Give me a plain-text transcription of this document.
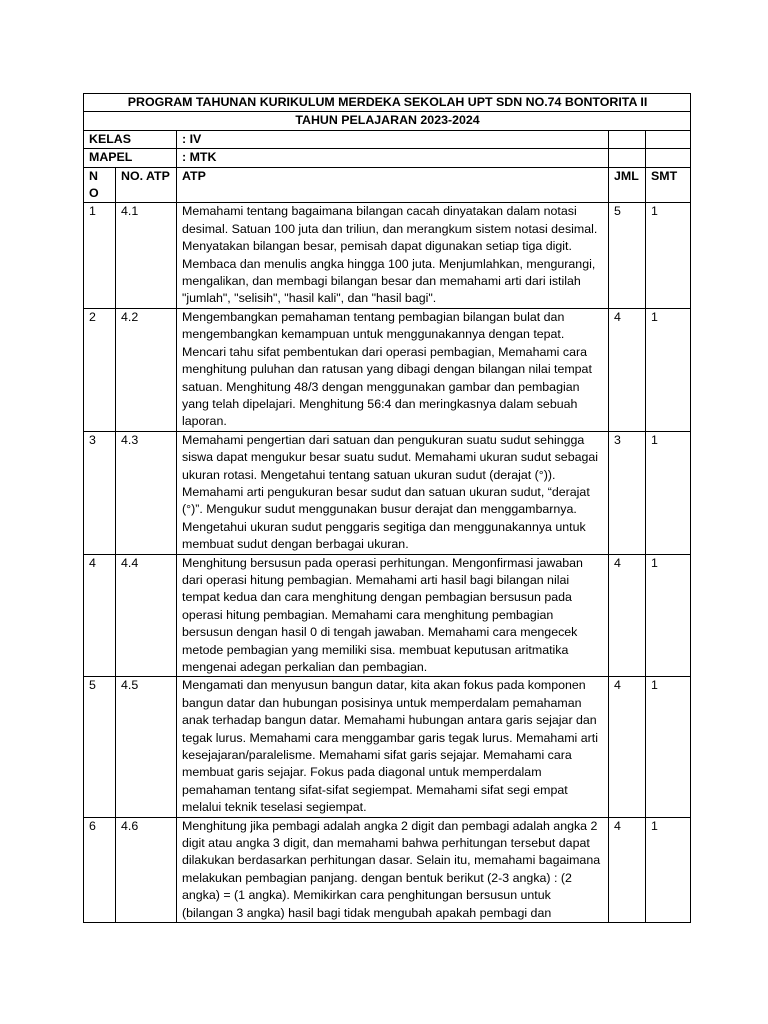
PROGRAM TAHUNAN KURIKULUM MERDEKA SEKOLAH UPT SDN NO.74 BONTORITA II				
TAHUN PELAJARAN 2023-2024				
KELAS		: IV		
MAPEL		: MTK		
N O	NO. ATP	ATP	JML	SMT
1	4.1	Memahami tentang bagaimana bilangan cacah dinyatakan dalam notasi desimal. Satuan 100 juta dan triliun, dan merangkum sistem notasi desimal. Menyatakan bilangan besar, pemisah dapat digunakan setiap tiga digit. Membaca dan menulis angka hingga 100 juta. Menjumlahkan, mengurangi, mengalikan, dan membagi bilangan besar dan memahami arti dari istilah "jumlah", "selisih", "hasil kali", dan "hasil bagi".	5	1
2	4.2	Mengembangkan pemahaman tentang pembagian bilangan bulat dan mengembangkan kemampuan untuk menggunakannya dengan tepat. Mencari tahu sifat pembentukan dari operasi pembagian, Memahami cara menghitung puluhan dan ratusan yang dibagi dengan bilangan nilai tempat satuan. Menghitung 48/3 dengan menggunakan gambar dan pembagian yang telah dipelajari. Menghitung 56:4 dan meringkasnya dalam sebuah laporan.	4	1
3	4.3	Memahami pengertian dari satuan dan pengukuran suatu sudut sehingga siswa dapat mengukur besar suatu sudut. Memahami ukuran sudut sebagai ukuran rotasi. Mengetahui tentang satuan ukuran sudut (derajat (°)). Memahami arti pengukuran besar sudut dan satuan ukuran sudut, “derajat (°)”. Mengukur sudut menggunakan busur derajat dan menggambarnya. Mengetahui ukuran sudut penggaris segitiga dan menggunakannya untuk membuat sudut dengan berbagai ukuran.	3	1
4	4.4	Menghitung bersusun pada operasi perhitungan. Mengonfirmasi jawaban dari operasi hitung pembagian. Memahami arti hasil bagi bilangan nilai tempat kedua dan cara menghitung dengan pembagian bersusun pada operasi hitung pembagian. Memahami cara menghitung pembagian bersusun dengan hasil 0 di tengah jawaban. Memahami cara mengecek metode pembagian yang memiliki sisa. membuat keputusan aritmatika mengenai adegan perkalian dan pembagian.	4	1
5	4.5	Mengamati dan menyusun bangun datar, kita akan fokus pada komponen bangun datar dan hubungan posisinya untuk memperdalam pemahaman anak terhadap bangun datar. Memahami hubungan antara garis sejajar dan tegak lurus. Memahami cara menggambar garis tegak lurus. Memahami arti kesejajaran/paralelisme. Memahami sifat garis sejajar. Memahami cara membuat garis sejajar. Fokus pada diagonal untuk memperdalam pemahaman tentang sifat-sifat segiempat. Memahami sifat segi empat melalui teknik teselasi segiempat.	4	1
6	4.6	Menghitung jika pembagi adalah angka 2 digit dan pembagi adalah angka 2 digit atau angka 3 digit, dan memahami bahwa perhitungan tersebut dapat dilakukan berdasarkan perhitungan dasar. Selain itu, memahami bagaimana melakukan pembagian panjang. dengan bentuk berikut (2-3 angka) : (2 angka) = (1 angka). Memikirkan cara penghitungan bersusun untuk (bilangan 3 angka) hasil bagi tidak mengubah apakah pembagi dan	4	1
